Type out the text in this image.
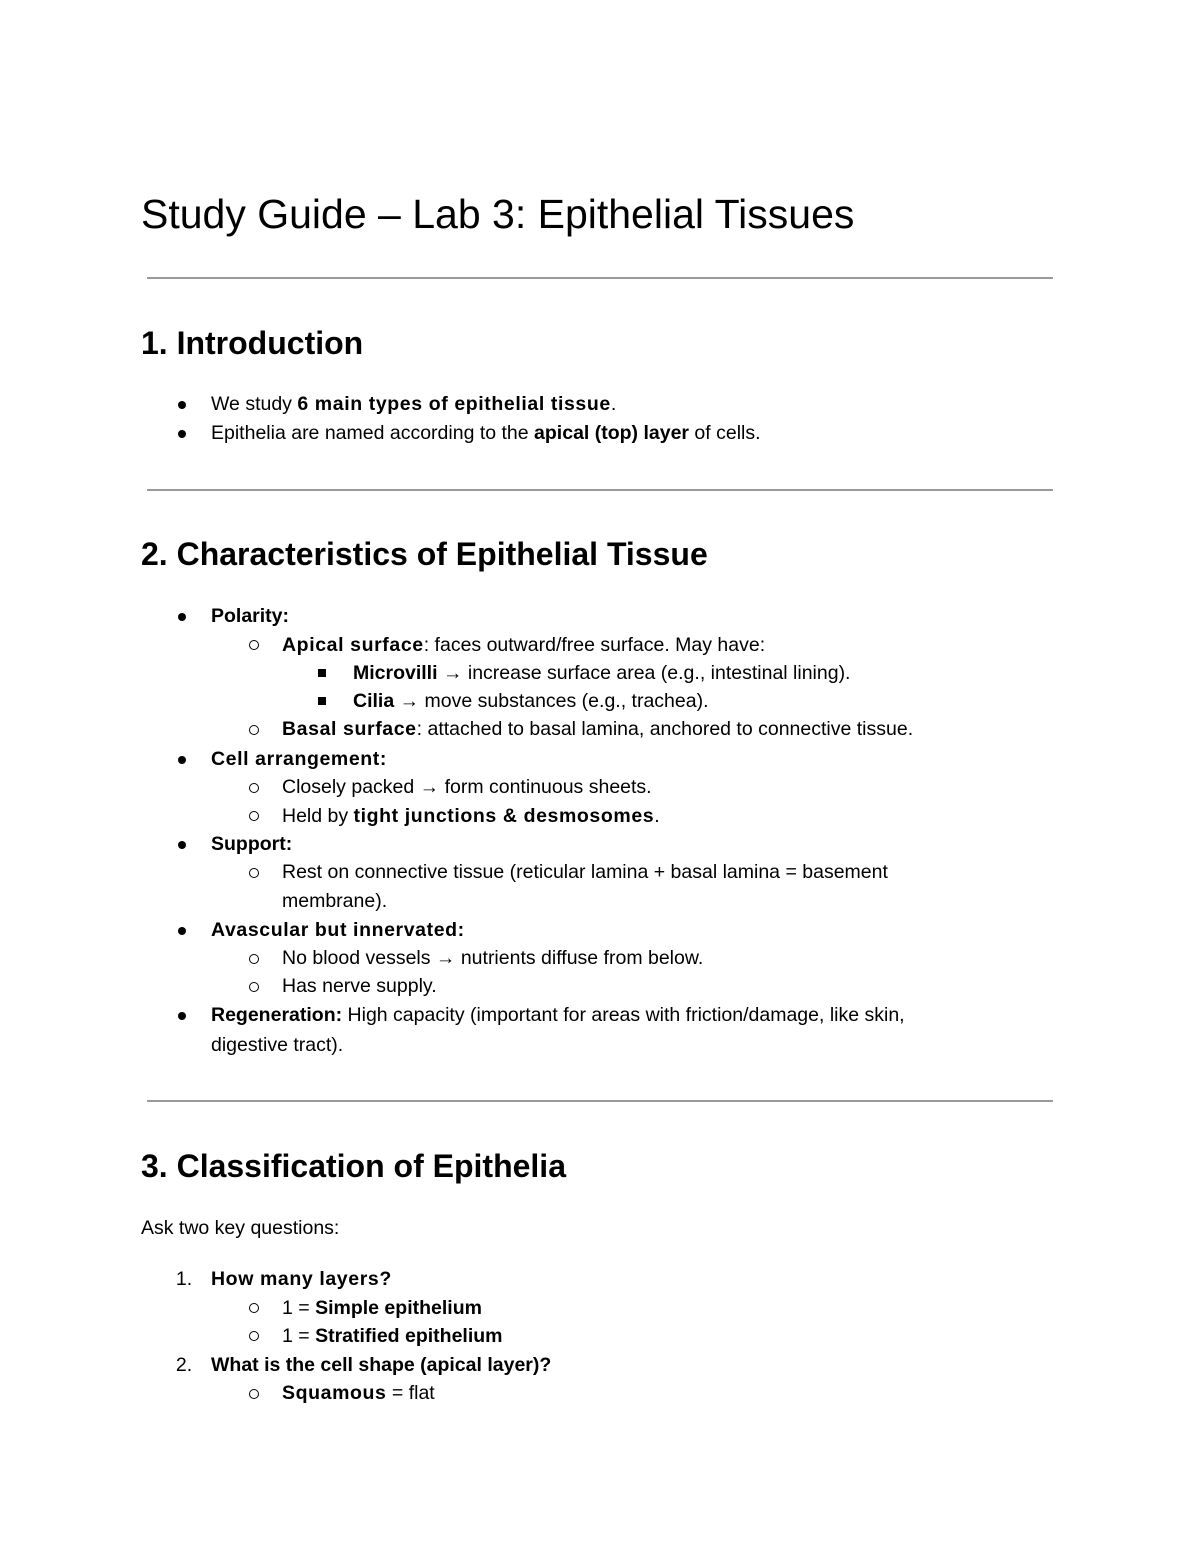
Study Guide – Lab 3: Epithelial Tissues
1. Introduction
We study 6 main types of epithelial tissue.
Epithelia are named according to the apical (top) layer of cells.
2. Characteristics of Epithelial Tissue
Polarity:
Apical surface: faces outward/free surface. May have:
Microvilli → increase surface area (e.g., intestinal lining).
Cilia → move substances (e.g., trachea).
Basal surface: attached to basal lamina, anchored to connective tissue.
Cell arrangement:
Closely packed → form continuous sheets.
Held by tight junctions & desmosomes.
Support:
Rest on connective tissue (reticular lamina + basal lamina = basement
membrane).
Avascular but innervated:
No blood vessels → nutrients diffuse from below.
Has nerve supply.
Regeneration: High capacity (important for areas with friction/damage, like skin,
digestive tract).
3. Classification of Epithelia
Ask two key questions:
1. How many layers?
1 = Simple epithelium
1 = Stratified epithelium
2. What is the cell shape (apical layer)?
Squamous = flat
